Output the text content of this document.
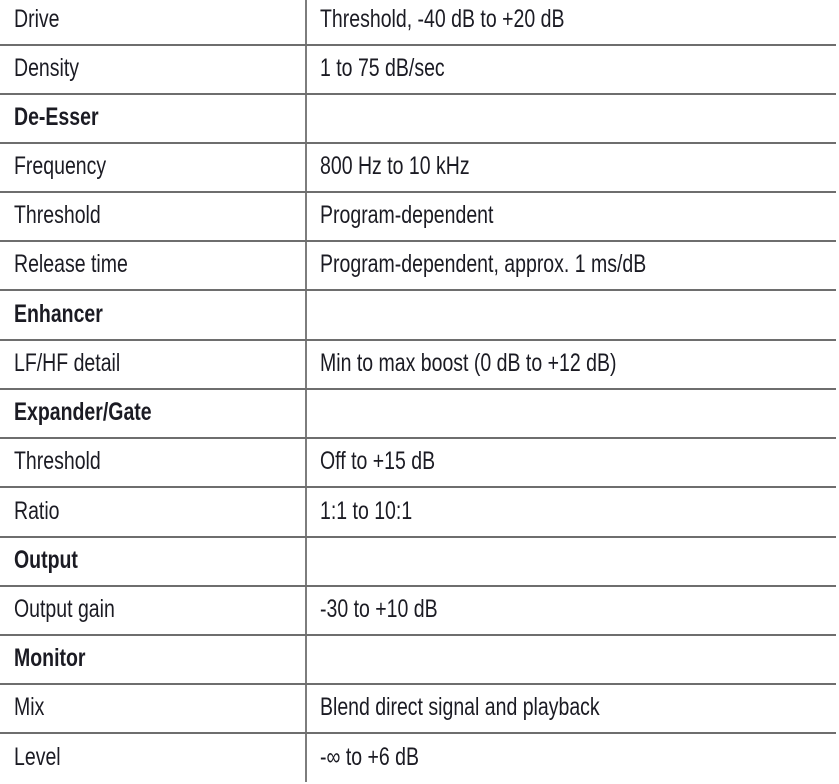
Drive	Threshold, -40 dB to +20 dB
Density	1 to 75 dB/sec
De-Esser
Frequency	800 Hz to 10 kHz
Threshold	Program-dependent
Release time	Program-dependent, approx. 1 ms/dB
Enhancer
LF/HF detail	Min to max boost (0 dB to +12 dB)
Expander/Gate
Threshold	Off to +15 dB
Ratio	1:1 to 10:1
Output
Output gain	-30 to +10 dB
Monitor
Mix	Blend direct signal and playback
Level	-∞ to +6 dB
